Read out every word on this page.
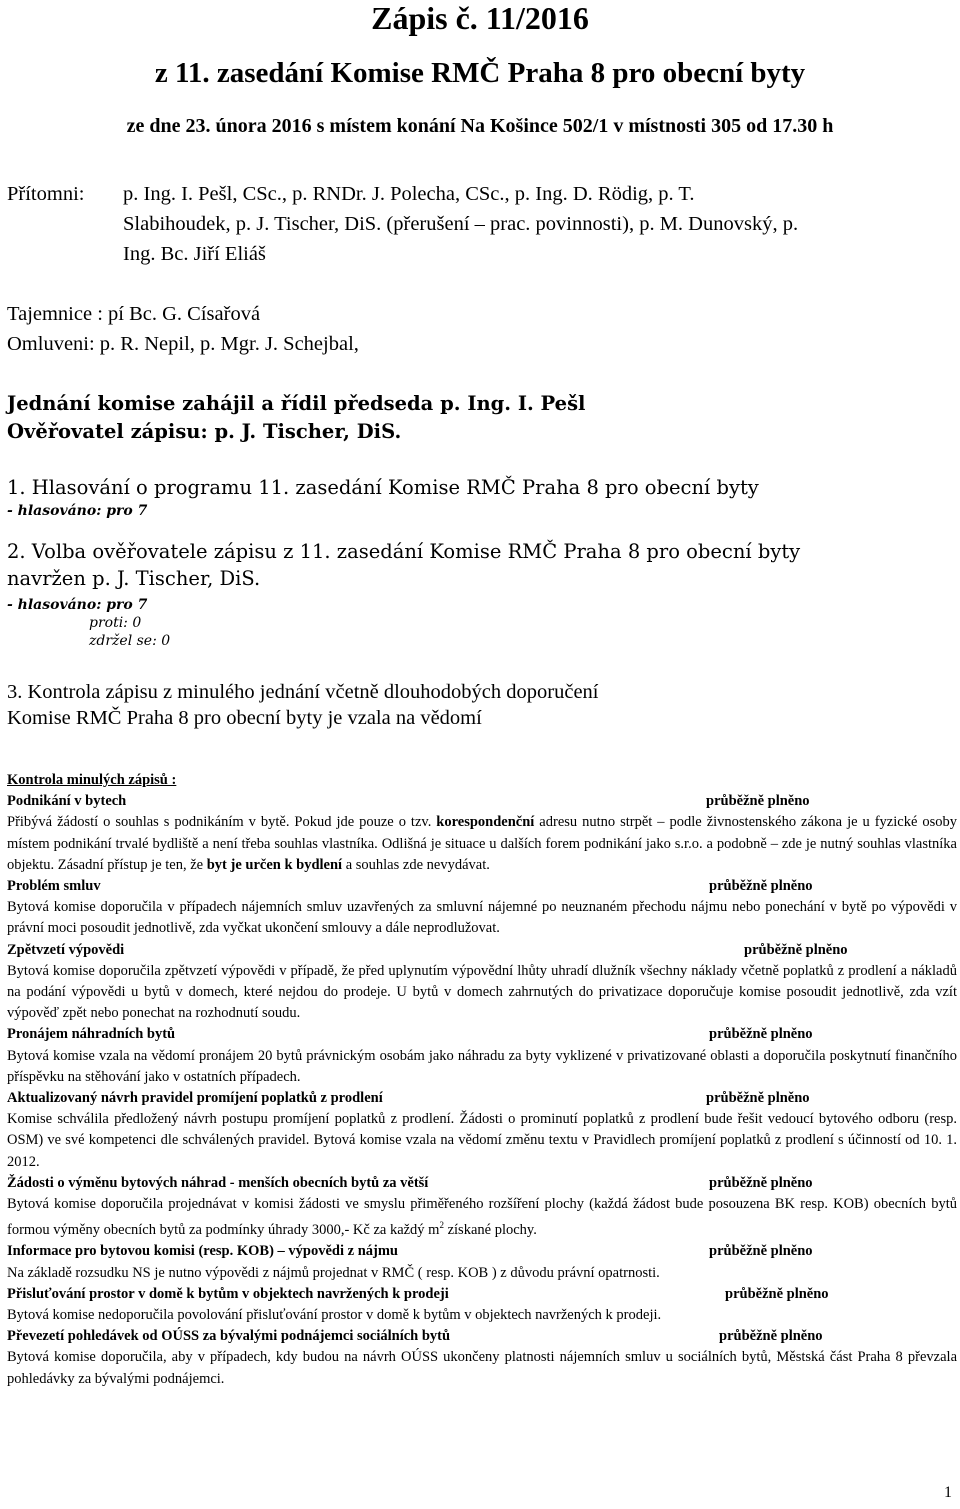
Zápis č. 11/2016
z 11. zasedání Komise RMČ Praha 8 pro obecní byty
ze dne 23. února 2016 s místem konání Na Košince 502/1 v místnosti 305 od 17.30 h
Přítomni: p. Ing. I. Pešl, CSc., p. RNDr. J. Polecha, CSc., p. Ing. D. Rödig, p. T.
Slabihoudek, p. J. Tischer, DiS. (přerušení – prac. povinnosti), p. M. Dunovský, p.
Ing. Bc. Jiří Eliáš
Tajemnice : pí Bc. G. Císařová
Omluveni: p. R. Nepil, p. Mgr. J. Schejbal,
Jednání komise zahájil a řídil předseda p. Ing. I. Pešl
Ověřovatel zápisu: p. J. Tischer, DiS.
1. Hlasování o programu 11. zasedání Komise RMČ Praha 8 pro obecní byty
- hlasováno: pro 7
2. Volba ověřovatele zápisu z 11. zasedání Komise RMČ Praha 8 pro obecní byty
navržen p. J. Tischer, DiS.
- hlasováno: pro 7
proti: 0
zdržel se: 0
3. Kontrola zápisu z minulého jednání včetně dlouhodobých doporučení
Komise RMČ Praha 8 pro obecní byty je vzala na vědomí
Kontrola minulých zápisů :
Podnikání v bytech	průběžně plněno
Přibývá žádostí o souhlas s podnikáním v bytě. Pokud jde pouze o tzv. korespondenční adresu nutno strpět – podle živnostenského zákona je u fyzické osoby místem podnikání trvalé bydliště a není třeba souhlas vlastníka. Odlišná je situace u dalších forem podnikání jako s.r.o. a podobně – zde je nutný souhlas vlastníka objektu. Zásadní přístup je ten, že byt je určen k bydlení a souhlas zde nevydávat.
Problém smluv	průběžně plněno
Bytová komise doporučila v případech nájemních smluv uzavřených za smluvní nájemné po neuznaném přechodu nájmu nebo ponechání v bytě po výpovědi v právní moci posoudit jednotlivě, zda vyčkat ukončení smlouvy a dále neprodlužovat.
Zpětvzetí výpovědi	průběžně plněno
Bytová komise doporučila zpětvzetí výpovědi v případě, že před uplynutím výpovědní lhůty uhradí dlužník všechny náklady včetně poplatků z prodlení a nákladů na podání výpovědi u bytů v domech, které nejdou do prodeje. U bytů v domech zahrnutých do privatizace doporučuje komise posoudit jednotlivě, zda vzít výpověď zpět nebo ponechat na rozhodnutí soudu.
Pronájem náhradních bytů	průběžně plněno
Bytová komise vzala na vědomí pronájem 20 bytů právnickým osobám jako náhradu za byty vyklizené v privatizované oblasti a doporučila poskytnutí finančního příspěvku na stěhování jako v ostatních případech.
Aktualizovaný návrh pravidel promíjení poplatků z prodlení	průběžně plněno
Komise schválila předložený návrh postupu promíjení poplatků z prodlení. Žádosti o prominutí poplatků z prodlení bude řešit vedoucí bytového odboru (resp. OSM) ve své kompetenci dle schválených pravidel. Bytová komise vzala na vědomí změnu textu v Pravidlech promíjení poplatků z prodlení s účinností od 10. 1. 2012.
Žádosti o výměnu bytových náhrad - menších obecních bytů za větší	průběžně plněno
Bytová komise doporučila projednávat v komisi žádosti ve smyslu přiměřeného rozšíření plochy (každá žádost bude posouzena BK resp. KOB) obecních bytů formou výměny obecních bytů za podmínky úhrady 3000,- Kč za každý $m^2$ získané plochy.
Informace pro bytovou komisi (resp. KOB) – výpovědi z nájmu	průběžně plněno
Na základě rozsudku NS je nutno výpovědi z nájmů projednat v RMČ ( resp. KOB ) z důvodu právní opatrnosti.
Přisluťování prostor v domě k bytům v objektech navržených k prodeji	průběžně plněno
Bytová komise nedoporučila povolování přisluťování prostor v domě k bytům v objektech navržených k prodeji.
Převezetí pohledávek od OÚSS za bývalými podnájemci sociálních bytů	průběžně plněno
Bytová komise doporučila, aby v případech, kdy budou na návrh OÚSS ukončeny platnosti nájemních smluv u sociálních bytů, Městská část Praha 8 převzala pohledávky za bývalými podnájemci.
1
